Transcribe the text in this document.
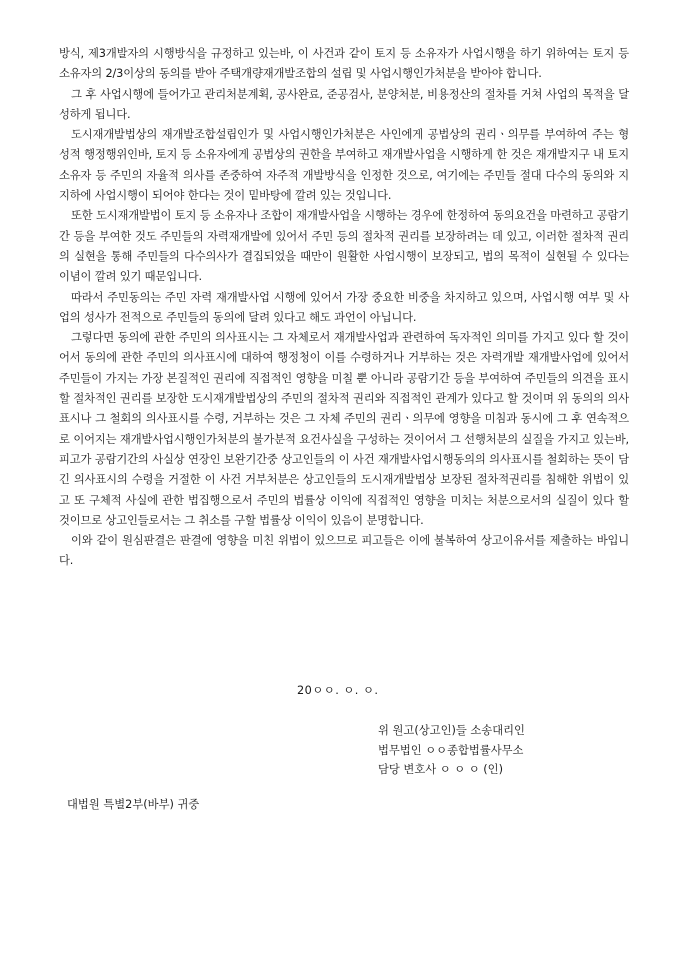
방식, 제3개발자의 시행방식을 규정하고 있는바, 이 사건과 같이 토지 등 소유자가 사업시행을 하기 위하여는 토지 등 소유자의 2/3이상의 동의를 받아 주택개량재개발조합의 설립 및 사업시행인가처분을 받아야 합니다.

그 후 사업시행에 들어가고 관리처분계획, 공사완료, 준공검사, 분양처분, 비용정산의 절차를 거쳐 사업의 목적을 달성하게 됩니다.

도시재개발법상의 재개발조합설립인가 및 사업시행인가처분은 사인에게 공법상의 권리ㆍ의무를 부여하여 주는 형성적 행정행위인바, 토지 등 소유자에게 공법상의 권한을 부여하고 재개발사업을 시행하게 한 것은 재개발지구 내 토지소유자 등 주민의 자율적 의사를 존중하여 자주적 개발방식을 인정한 것으로, 여기에는 주민들 절대 다수의 동의와 지지하에 사업시행이 되어야 한다는 것이 밑바탕에 깔려 있는 것입니다.

또한 도시재개발법이 토지 등 소유자나 조합이 재개발사업을 시행하는 경우에 한정하여 동의요건을 마련하고 공람기간 등을 부여한 것도 주민들의 자력재개발에 있어서 주민 등의 절차적 권리를 보장하려는 데 있고, 이러한 절차적 권리의 실현을 통해 주민들의 다수의사가 결집되었을 때만이 원활한 사업시행이 보장되고, 법의 목적이 실현될 수 있다는 이념이 깔려 있기 때문입니다.

따라서 주민동의는 주민 자력 재개발사업 시행에 있어서 가장 중요한 비중을 차지하고 있으며, 사업시행 여부 및 사업의 성사가 전적으로 주민들의 동의에 달려 있다고 해도 과언이 아닙니다.

그렇다면 동의에 관한 주민의 의사표시는 그 자체로서 재개발사업과 관련하여 독자적인 의미를 가지고 있다 할 것이어서 동의에 관한 주민의 의사표시에 대하여 행정청이 이를 수령하거나 거부하는 것은 자력개발 재개발사업에 있어서 주민들이 가지는 가장 본질적인 권리에 직접적인 영향을 미칠 뿐 아니라 공람기간 등을 부여하여 주민들의 의견을 표시할 절차적인 권리를 보장한 도시재개발법상의 주민의 절차적 권리와 직접적인 관계가 있다고 할 것이며 위 동의의 의사표시나 그 철회의 의사표시를 수령, 거부하는 것은 그 자체 주민의 권리ㆍ의무에 영향을 미침과 동시에 그 후 연속적으로 이어지는 재개발사업시행인가처분의 불가분적 요건사실을 구성하는 것이어서 그 선행처분의 실질을 가지고 있는바, 피고가 공람기간의 사실상 연장인 보완기간중 상고인들의 이 사건 재개발사업시행동의의 의사표시를 철회하는 뜻이 담긴 의사표시의 수령을 거절한 이 사건 거부처분은 상고인들의 도시재개발법상 보장된 절차적권리를 침해한 위법이 있고 또 구체적 사실에 관한 법집행으로서 주민의 법률상 이익에 직접적인 영향을 미치는 처분으로서의 실질이 있다 할 것이므로 상고인들로서는 그 취소를 구할 법률상 이익이 있음이 분명합니다.

이와 같이 원심판결은 판결에 영향을 미친 위법이 있으므로 피고들은 이에 불복하여 상고이유서를 제출하는 바입니다.

20ㅇㅇ. ㅇ. ㅇ.
위 원고(상고인)들 소송대리인
법무법인 ㅇㅇ종합법률사무소
담당 변호사 ㅇ ㅇ ㅇ (인)
대법원 특별2부(바부) 귀중
